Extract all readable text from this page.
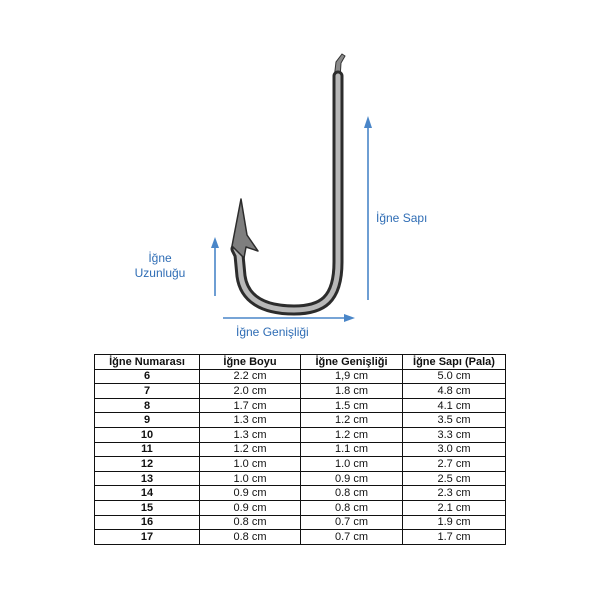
İğne Sapı
İğne
Uzunluğu
İğne Genişliği
İğne Numarası	İğne Boyu	İğne Genişliği	İğne Sapı (Pala)
6	2.2 cm	1,9 cm	5.0 cm
7	2.0 cm	1.8 cm	4.8 cm
8	1.7 cm	1.5 cm	4.1 cm
9	1.3 cm	1.2 cm	3.5 cm
10	1.3 cm	1.2 cm	3.3 cm
11	1.2 cm	1.1 cm	3.0 cm
12	1.0 cm	1.0 cm	2.7 cm
13	1.0 cm	0.9 cm	2.5 cm
14	0.9 cm	0.8 cm	2.3 cm
15	0.9 cm	0.8 cm	2.1 cm
16	0.8 cm	0.7 cm	1.9 cm
17	0.8 cm	0.7 cm	1.7 cm
